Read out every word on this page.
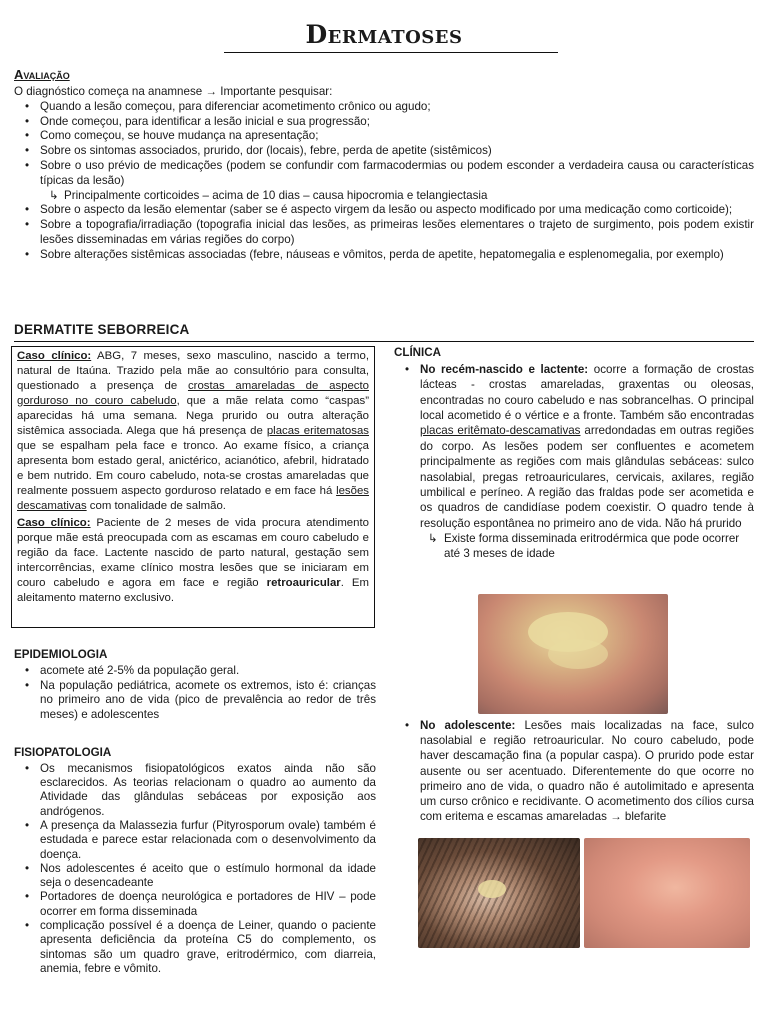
Dermatoses
Avaliação

O diagnóstico começa na anamnese → Importante pesquisar:

• Quando a lesão começou, para diferenciar acometimento crônico ou agudo;
• Onde começou, para identificar a lesão inicial e sua progressão;
• Como começou, se houve mudança na apresentação;
• Sobre os sintomas associados, prurido, dor (locais), febre, perda de apetite (sistêmicos)
• Sobre o uso prévio de medicações (podem se confundir com farmacodermias ou podem esconder a verdadeira causa ou características típicas da lesão)
↳ Principalmente corticoides – acima de 10 dias – causa hipocromia e telangiectasia
• Sobre o aspecto da lesão elementar (saber se é aspecto virgem da lesão ou aspecto modificado por uma medicação como corticoide);
• Sobre a topografia/irradiação (topografia inicial das lesões, as primeiras lesões elementares o trajeto de surgimento, pois podem existir lesões disseminadas em várias regiões do corpo)
• Sobre alterações sistêmicas associadas (febre, náuseas e vômitos, perda de apetite, hepatomegalia e esplenomegalia, por exemplo)
DERMATITE SEBORREICA

Caso clínico: ABG, 7 meses, sexo masculino, nascido a termo, natural de Itaúna. Trazido pela mãe ao consultório para consulta, questionado a presença de crostas amareladas de aspecto gorduroso no couro cabeludo, que a mãe relata como “caspas” aparecidas há uma semana. Nega prurido ou outra alteração sistêmica associada. Alega que há presença de placas eritematosas que se espalham pela face e tronco. Ao exame físico, a criança apresenta bom estado geral, anictérico, acianótico, afebril, hidratado e bem nutrido. Em couro cabeludo, nota-se crostas amareladas que realmente possuem aspecto gorduroso relatado e em face há lesões descamativas com tonalidade de salmão.

Caso clínico: Paciente de 2 meses de vida procura atendimento porque mãe está preocupada com as escamas em couro cabeludo e região da face. Lactente nascido de parto natural, gestação sem intercorrências, exame clínico mostra lesões que se iniciaram em couro cabeludo e agora em face e região retroauricular. Em aleitamento materno exclusivo.

EPIDEMIOLOGIA
• acomete até 2-5% da população geral.
• Na população pediátrica, acomete os extremos, isto é: crianças no primeiro ano de vida (pico de prevalência ao redor de três meses) e adolescentes
FISIOPATOLOGIA
• Os mecanismos fisiopatológicos exatos ainda não são esclarecidos. As teorias relacionam o quadro ao aumento da Atividade das glândulas sebáceas por exposição aos andrógenos.
• A presença da Malassezia furfur (Pityrosporum ovale) também é estudada e parece estar relacionada com o desenvolvimento da doença.
• Nos adolescentes é aceito que o estímulo hormonal da idade seja o desencadeante
• Portadores de doença neurológica e portadores de HIV – pode ocorrer em forma disseminada
• complicação possível é a doença de Leiner, quando o paciente apresenta deficiência da proteína C5 do complemento, os sintomas são um quadro grave, eritrodérmico, com diarreia, anemia, febre e vômito.
CLÍNICA
• No recém-nascido e lactente: ocorre a formação de crostas lácteas - crostas amareladas, graxentas ou oleosas, encontradas no couro cabeludo e nas sobrancelhas. O principal local acometido é o vértice e a fronte. Também são encontradas placas eritêmato-descamativas arredondadas em outras regiões do corpo. As lesões podem ser confluentes e acometem principalmente as regiões com mais glândulas sebáceas: sulco nasolabial, pregas retroauriculares, cervicais, axilares, região umbilical e períneo. A região das fraldas pode ser acometida e os quadros de candidíase podem coexistir. O quadro tende à resolução espontânea no primeiro ano de vida. Não há prurido
↳ Existe forma disseminada eritrodérmica que pode ocorrer até 3 meses de idade
• No adolescente: Lesões mais localizadas na face, sulco nasolabial e região retroauricular. No couro cabeludo, pode haver descamação fina (a popular caspa). O prurido pode estar ausente ou ser acentuado. Diferentemente do que ocorre no primeiro ano de vida, o quadro não é autolimitado e apresenta um curso crônico e recidivante. O acometimento dos cílios cursa com eritema e escamas amareladas → blefarite
